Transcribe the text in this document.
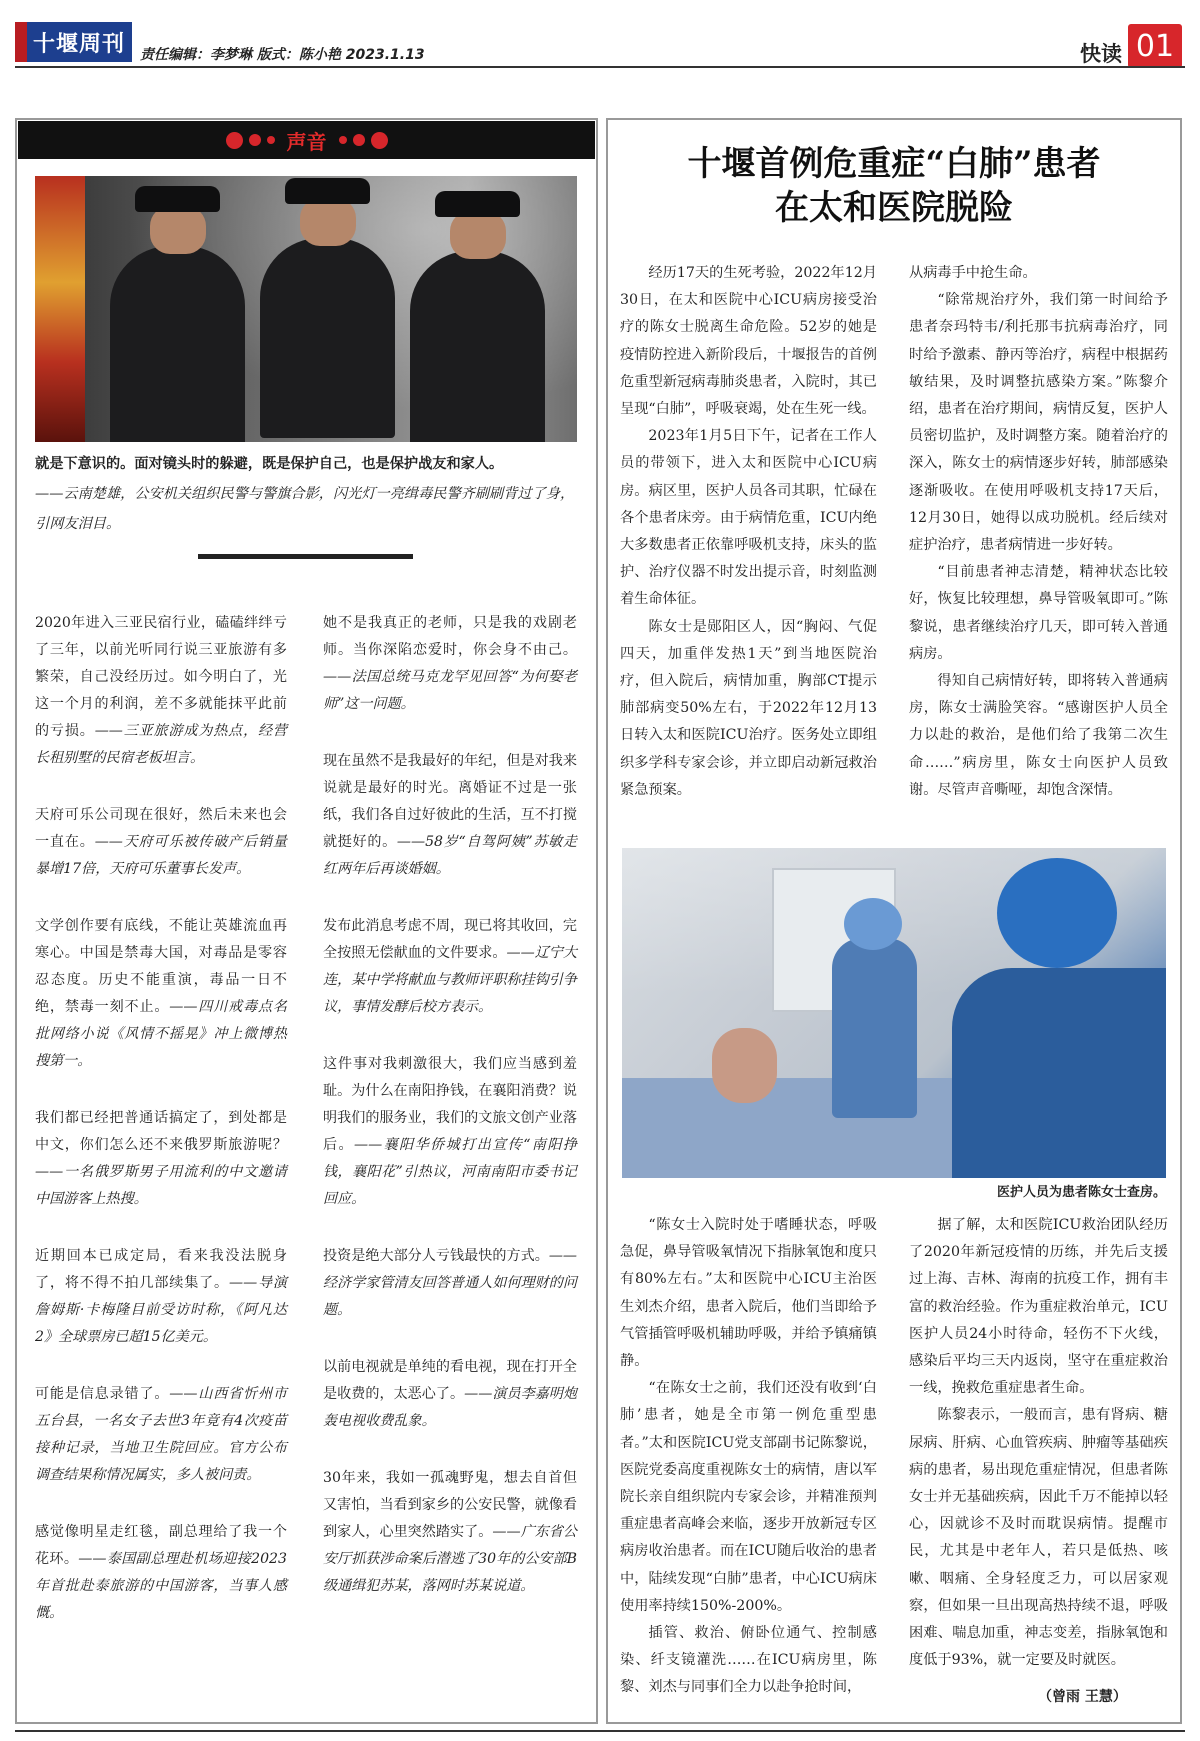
十堰周刊 责任编辑：李梦琳 版式：陈小艳 2023.1.13	快读 01
声音
就是下意识的。面对镜头时的躲避，既是保护自己，也是保护战友和家人。
——云南楚雄，公安机关组织民警与警旗合影，闪光灯一亮缉毒民警齐刷刷背过了身，引网友泪目。

2020年进入三亚民宿行业，磕磕绊绊亏了三年，以前光听同行说三亚旅游有多繁荣，自己没经历过。如今明白了，光这一个月的利润，差不多就能抹平此前的亏损。——三亚旅游成为热点，经营长租别墅的民宿老板坦言。

天府可乐公司现在很好，然后未来也会一直在。——天府可乐被传破产后销量暴增17倍，天府可乐董事长发声。

文学创作要有底线，不能让英雄流血再寒心。中国是禁毒大国，对毒品是零容忍态度。历史不能重演，毒品一日不绝，禁毒一刻不止。——四川戒毒点名批网络小说《风情不摇晃》冲上微博热搜第一。

我们都已经把普通话搞定了，到处都是中文，你们怎么还不来俄罗斯旅游呢？——一名俄罗斯男子用流利的中文邀请中国游客上热搜。

近期回本已成定局，看来我没法脱身了，将不得不拍几部续集了。——导演詹姆斯·卡梅隆目前受访时称，《阿凡达2》全球票房已超15亿美元。

可能是信息录错了。——山西省忻州市五台县，一名女子去世3年竟有4次疫苗接种记录，当地卫生院回应。官方公布调查结果称情况属实，多人被问责。

感觉像明星走红毯，副总理给了我一个花环。——泰国副总理赴机场迎接2023年首批赴泰旅游的中国游客，当事人感慨。

她不是我真正的老师，只是我的戏剧老师。当你深陷恋爱时，你会身不由己。——法国总统马克龙罕见回答“为何娶老师”这一问题。

现在虽然不是我最好的年纪，但是对我来说就是最好的时光。离婚证不过是一张纸，我们各自过好彼此的生活，互不打搅就挺好的。——58岁“自驾阿姨”苏敏走红两年后再谈婚姻。

发布此消息考虑不周，现已将其收回，完全按照无偿献血的文件要求。——辽宁大连，某中学将献血与教师评职称挂钩引争议，事情发酵后校方表示。

这件事对我刺激很大，我们应当感到羞耻。为什么在南阳挣钱，在襄阳消费？说明我们的服务业，我们的文旅文创产业落后。——襄阳华侨城打出宣传“南阳挣钱，襄阳花”引热议，河南南阳市委书记回应。

投资是绝大部分人亏钱最快的方式。——经济学家管清友回答普通人如何理财的问题。

以前电视就是单纯的看电视，现在打开全是收费的，太恶心了。——演员李嘉明炮轰电视收费乱象。

30年来，我如一孤魂野鬼，想去自首但又害怕，当看到家乡的公安民警，就像看到家人，心里突然踏实了。——广东省公安厅抓获涉命案后潜逃了30年的公安部B级通缉犯苏某，落网时苏某说道。

十堰首例危重症“白肺”患者
在太和医院脱险

经历17天的生死考验，2022年12月30日，在太和医院中心ICU病房接受治疗的陈女士脱离生命危险。52岁的她是疫情防控进入新阶段后，十堰报告的首例危重型新冠病毒肺炎患者，入院时，其已呈现“白肺”，呼吸衰竭，处在生死一线。

2023年1月5日下午，记者在工作人员的带领下，进入太和医院中心ICU病房。病区里，医护人员各司其职，忙碌在各个患者床旁。由于病情危重，ICU内绝大多数患者正依靠呼吸机支持，床头的监护、治疗仪器不时发出提示音，时刻监测着生命体征。

陈女士是郧阳区人，因“胸闷、气促四天，加重伴发热1天”到当地医院治疗，但入院后，病情加重，胸部CT提示肺部病变50%左右，于2022年12月13日转入太和医院ICU治疗。医务处立即组织多学科专家会诊，并立即启动新冠救治紧急预案。

从病毒手中抢生命。

“除常规治疗外，我们第一时间给予患者奈玛特韦/利托那韦抗病毒治疗，同时给予激素、静丙等治疗，病程中根据药敏结果，及时调整抗感染方案。”陈黎介绍，患者在治疗期间，病情反复，医护人员密切监护，及时调整方案。随着治疗的深入，陈女士的病情逐步好转，肺部感染逐渐吸收。在使用呼吸机支持17天后，12月30日，她得以成功脱机。经后续对症护治疗，患者病情进一步好转。

“目前患者神志清楚，精神状态比较好，恢复比较理想，鼻导管吸氧即可。”陈黎说，患者继续治疗几天，即可转入普通病房。

得知自己病情好转，即将转入普通病房，陈女士满脸笑容。“感谢医护人员全力以赴的救治，是他们给了我第二次生命……”病房里，陈女士向医护人员致谢。尽管声音嘶哑，却饱含深情。

医护人员为患者陈女士查房。

“陈女士入院时处于嗜睡状态，呼吸急促，鼻导管吸氧情况下指脉氧饱和度只有80%左右。”太和医院中心ICU主治医生刘杰介绍，患者入院后，他们当即给予气管插管呼吸机辅助呼吸，并给予镇痛镇静。

“在陈女士之前，我们还没有收到‘白肺’患者，她是全市第一例危重型患者。”太和医院ICU党支部副书记陈黎说，医院党委高度重视陈女士的病情，唐以军院长亲自组织院内专家会诊，并精准预判重症患者高峰会来临，逐步开放新冠专区病房收治患者。而在ICU随后收治的患者中，陆续发现“白肺”患者，中心ICU病床使用率持续150%-200%。

插管、救治、俯卧位通气、控制感染、纤支镜灌洗……在ICU病房里，陈黎、刘杰与同事们全力以赴争抢时间，

据了解，太和医院ICU救治团队经历了2020年新冠疫情的历练，并先后支援过上海、吉林、海南的抗疫工作，拥有丰富的救治经验。作为重症救治单元，ICU医护人员24小时待命，轻伤不下火线，感染后平均三天内返岗，坚守在重症救治一线，挽救危重症患者生命。

陈黎表示，一般而言，患有肾病、糖尿病、肝病、心血管疾病、肿瘤等基础疾病的患者，易出现危重症情况，但患者陈女士并无基础疾病，因此千万不能掉以轻心，因就诊不及时而耽误病情。提醒市民，尤其是中老年人，若只是低热、咳嗽、咽痛、全身轻度乏力，可以居家观察，但如果一旦出现高热持续不退，呼吸困难、喘息加重，神志变差，指脉氧饱和度低于93%，就一定要及时就医。

（曾雨 王慧）
